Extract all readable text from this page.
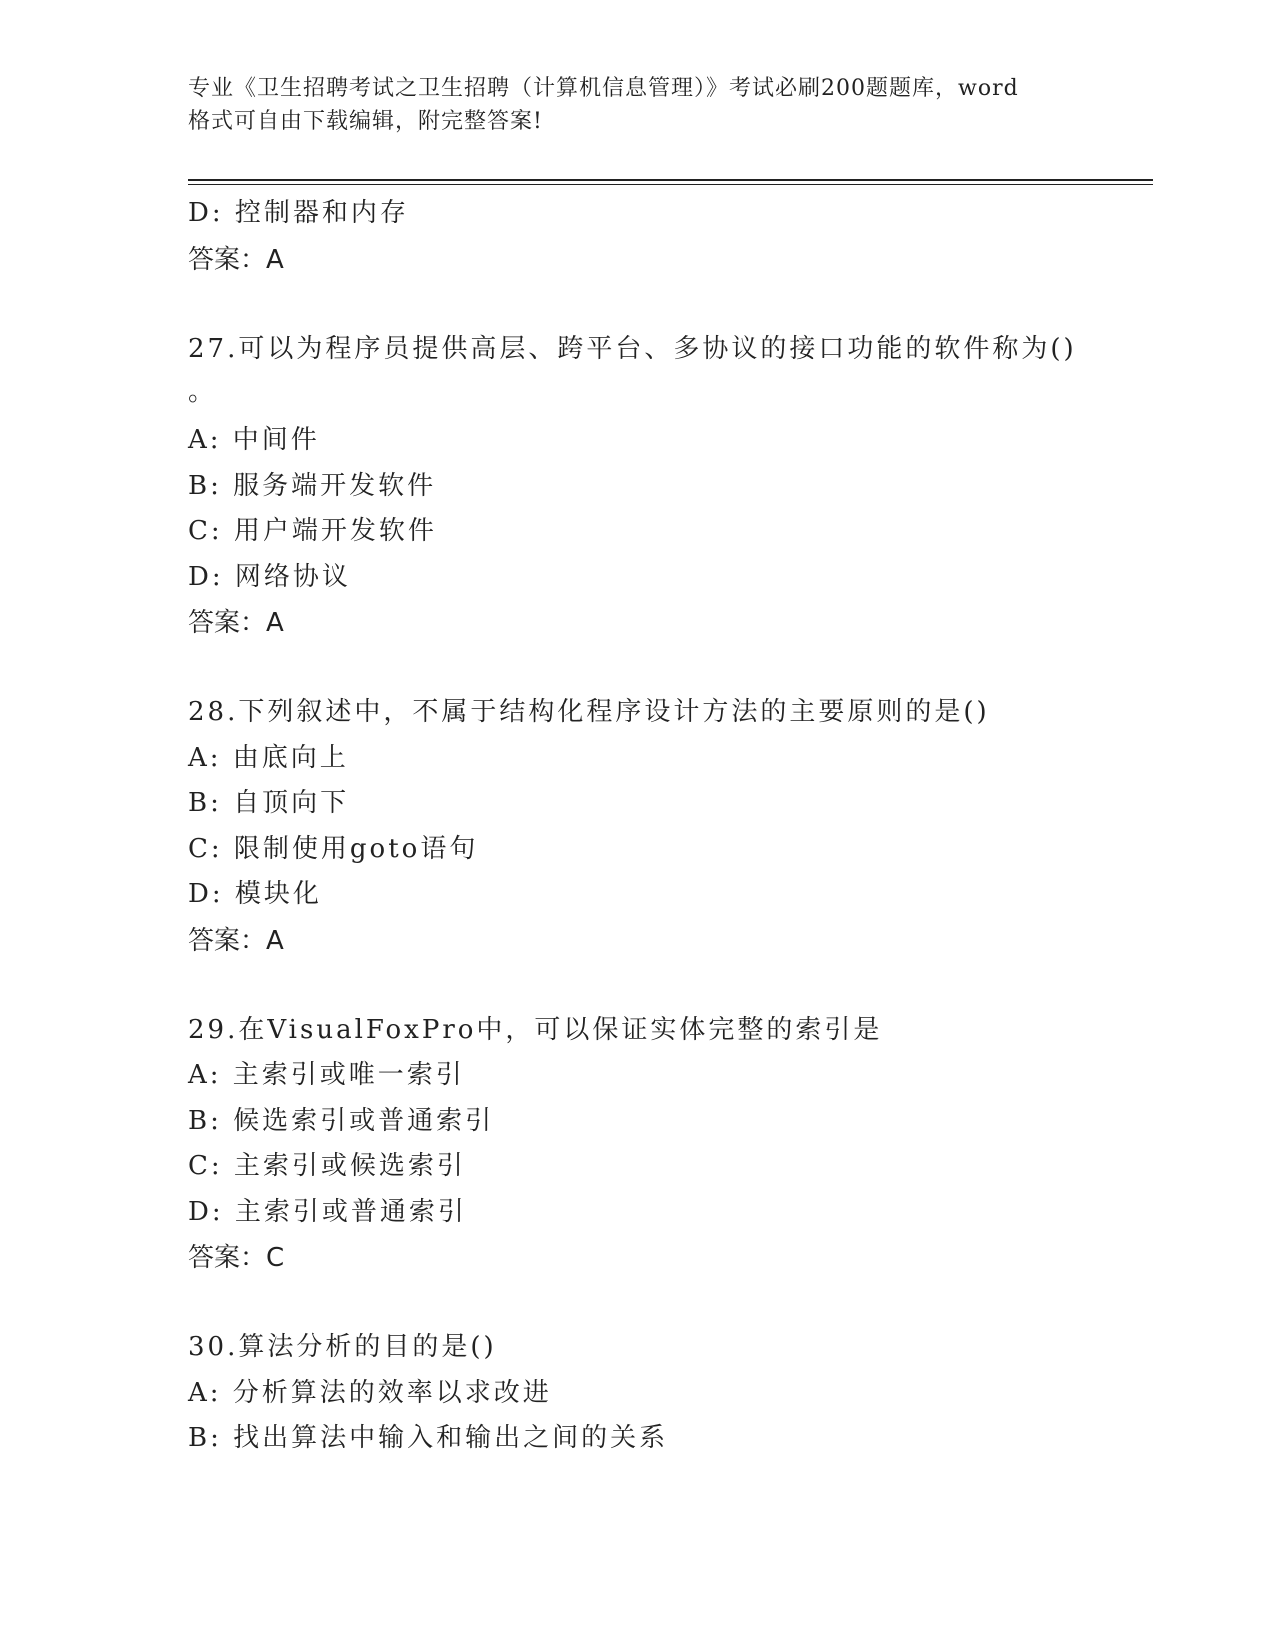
专业《卫生招聘考试之卫生招聘（计算机信息管理）》考试必刷200题题库，word
格式可自由下载编辑，附完整答案!
D: 控制器和内存
答案：A
27.可以为程序员提供高层、跨平台、多协议的接口功能的软件称为()
。
A: 中间件
B: 服务端开发软件
C: 用户端开发软件
D: 网络协议
答案：A
28.下列叙述中，不属于结构化程序设计方法的主要原则的是()
A: 由底向上
B: 自顶向下
C: 限制使用goto语句
D: 模块化
答案：A
29.在VisualFoxPro中，可以保证实体完整的索引是
A: 主索引或唯一索引
B: 候选索引或普通索引
C: 主索引或候选索引
D: 主索引或普通索引
答案：C
30.算法分析的目的是()
A: 分析算法的效率以求改进
B: 找出算法中输入和输出之间的关系
